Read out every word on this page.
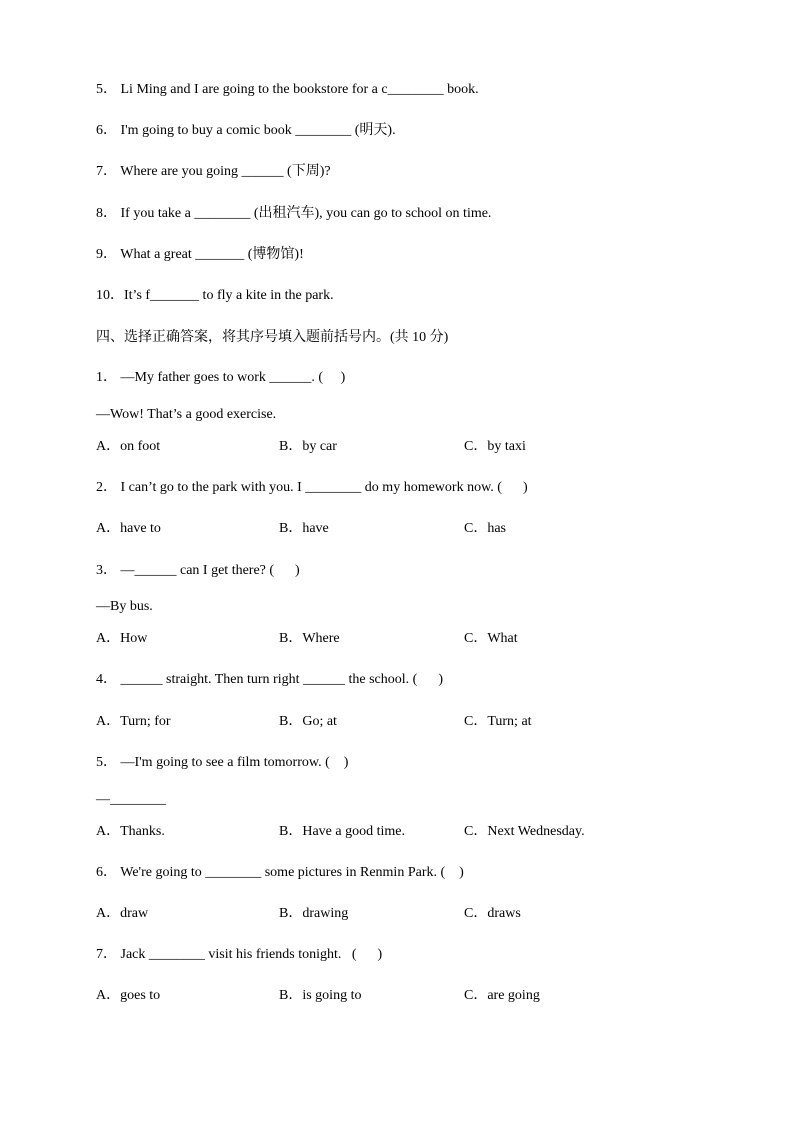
5． Li Ming and I are going to the bookstore for a c________ book.
6． I'm going to buy a comic book ________ (明天).
7． Where are you going ______ (下周)?
8． If you take a ________ (出租汽车), you can go to school on time.
9． What a great _______ (博物馆)!
10．It’s f_______ to fly a kite in the park.
四、选择正确答案，将其序号填入题前括号内。(共 10 分)
1． —My father goes to work ______. (     )
—Wow! That’s a good exercise.
A．on foot	B．by car	C．by taxi
2． I can’t go to the park with you. I ________ do my homework now. (      )
A．have to	B．have	C．has
3． —______ can I get there? (      )
—By bus.
A．How	B．Where	C．What
4． ______ straight. Then turn right ______ the school. (      )
A．Turn; for	B．Go; at	C．Turn; at
5． —I'm going to see a film tomorrow. (    )
—________
A．Thanks.	B．Have a good time.	C．Next Wednesday.
6． We're going to ________ some pictures in Renmin Park. (    )
A．draw	B．drawing	C．draws
7． Jack ________ visit his friends tonight.   (      )
A．goes to	B．is going to	C．are going
